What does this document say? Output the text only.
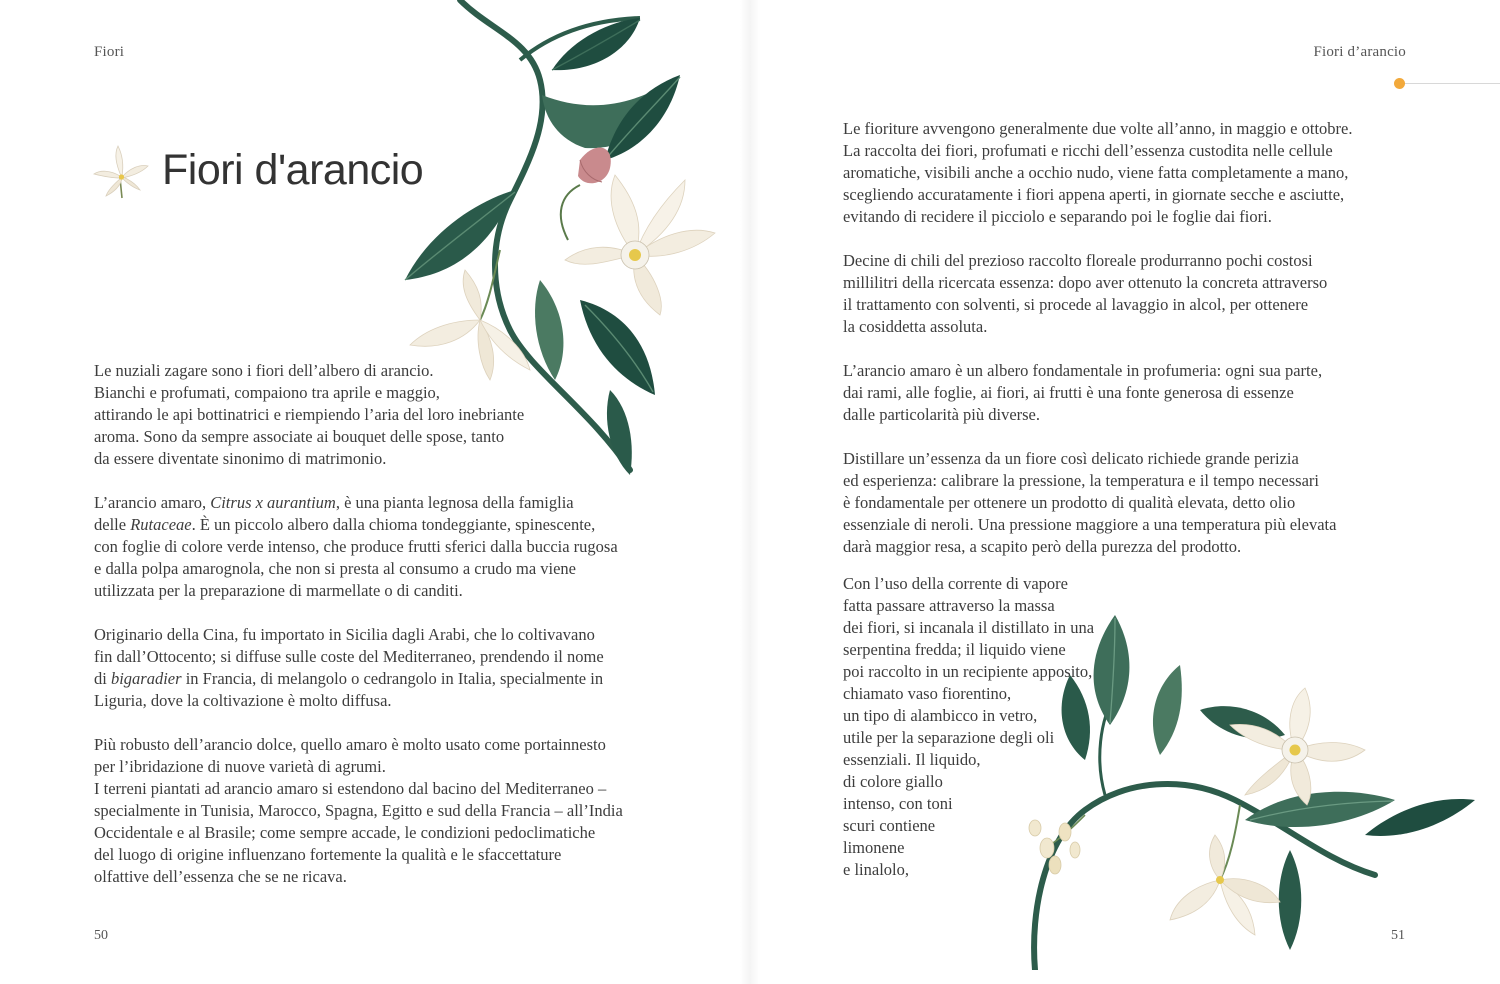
Fiori
Fiori d'arancio

Le nuziali zagare sono i fiori dell’albero di arancio.
Bianchi e profumati, compaiono tra aprile e maggio,
attirando le api bottinatrici e riempiendo l’aria del loro inebriante
aroma. Sono da sempre associate ai bouquet delle spose, tanto
da essere diventate sinonimo di matrimonio.

L’arancio amaro, Citrus x aurantium, è una pianta legnosa della famiglia
delle Rutaceae. È un piccolo albero dalla chioma tondeggiante, spinescente,
con foglie di colore verde intenso, che produce frutti sferici dalla buccia rugosa
e dalla polpa amarognola, che non si presta al consumo a crudo ma viene
utilizzata per la preparazione di marmellate o di canditi.

Originario della Cina, fu importato in Sicilia dagli Arabi, che lo coltivavano
fin dall’Ottocento; si diffuse sulle coste del Mediterraneo, prendendo il nome
di bigaradier in Francia, di melangolo o cedrangolo in Italia, specialmente in
Liguria, dove la coltivazione è molto diffusa.

Più robusto dell’arancio dolce, quello amaro è molto usato come portainnesto
per l’ibridazione di nuove varietà di agrumi.
I terreni piantati ad arancio amaro si estendono dal bacino del Mediterraneo –
specialmente in Tunisia, Marocco, Spagna, Egitto e sud della Francia – all’India
Occidentale e al Brasile; come sempre accade, le condizioni pedoclimatiche
del luogo di origine influenzano fortemente la qualità e le sfaccettature
olfattive dell’essenza che se ne ricava.

50
Fiori d’arancio

Le fioriture avvengono generalmente due volte all’anno, in maggio e ottobre.
La raccolta dei fiori, profumati e ricchi dell’essenza custodita nelle cellule
aromatiche, visibili anche a occhio nudo, viene fatta completamente a mano,
scegliendo accuratamente i fiori appena aperti, in giornate secche e asciutte,
evitando di recidere il picciolo e separando poi le foglie dai fiori.

Decine di chili del prezioso raccolto floreale produrranno pochi costosi
millilitri della ricercata essenza: dopo aver ottenuto la concreta attraverso
il trattamento con solventi, si procede al lavaggio in alcol, per ottenere
la cosiddetta assoluta.

L’arancio amaro è un albero fondamentale in profumeria: ogni sua parte,
dai rami, alle foglie, ai fiori, ai frutti è una fonte generosa di essenze
dalle particolarità più diverse.

Distillare un’essenza da un fiore così delicato richiede grande perizia
ed esperienza: calibrare la pressione, la temperatura e il tempo necessari
è fondamentale per ottenere un prodotto di qualità elevata, detto olio
essenziale di neroli. Una pressione maggiore a una temperatura più elevata
darà maggior resa, a scapito però della purezza del prodotto.

Con l’uso della corrente di vapore
fatta passare attraverso la massa
dei fiori, si incanala il distillato in una
serpentina fredda; il liquido viene
poi raccolto in un recipiente apposito,
chiamato vaso fiorentino,
un tipo di alambicco in vetro,
utile per la separazione degli oli
essenziali. Il liquido,
di colore giallo
intenso, con toni
scuri contiene
limonene
e linalolo,

51
